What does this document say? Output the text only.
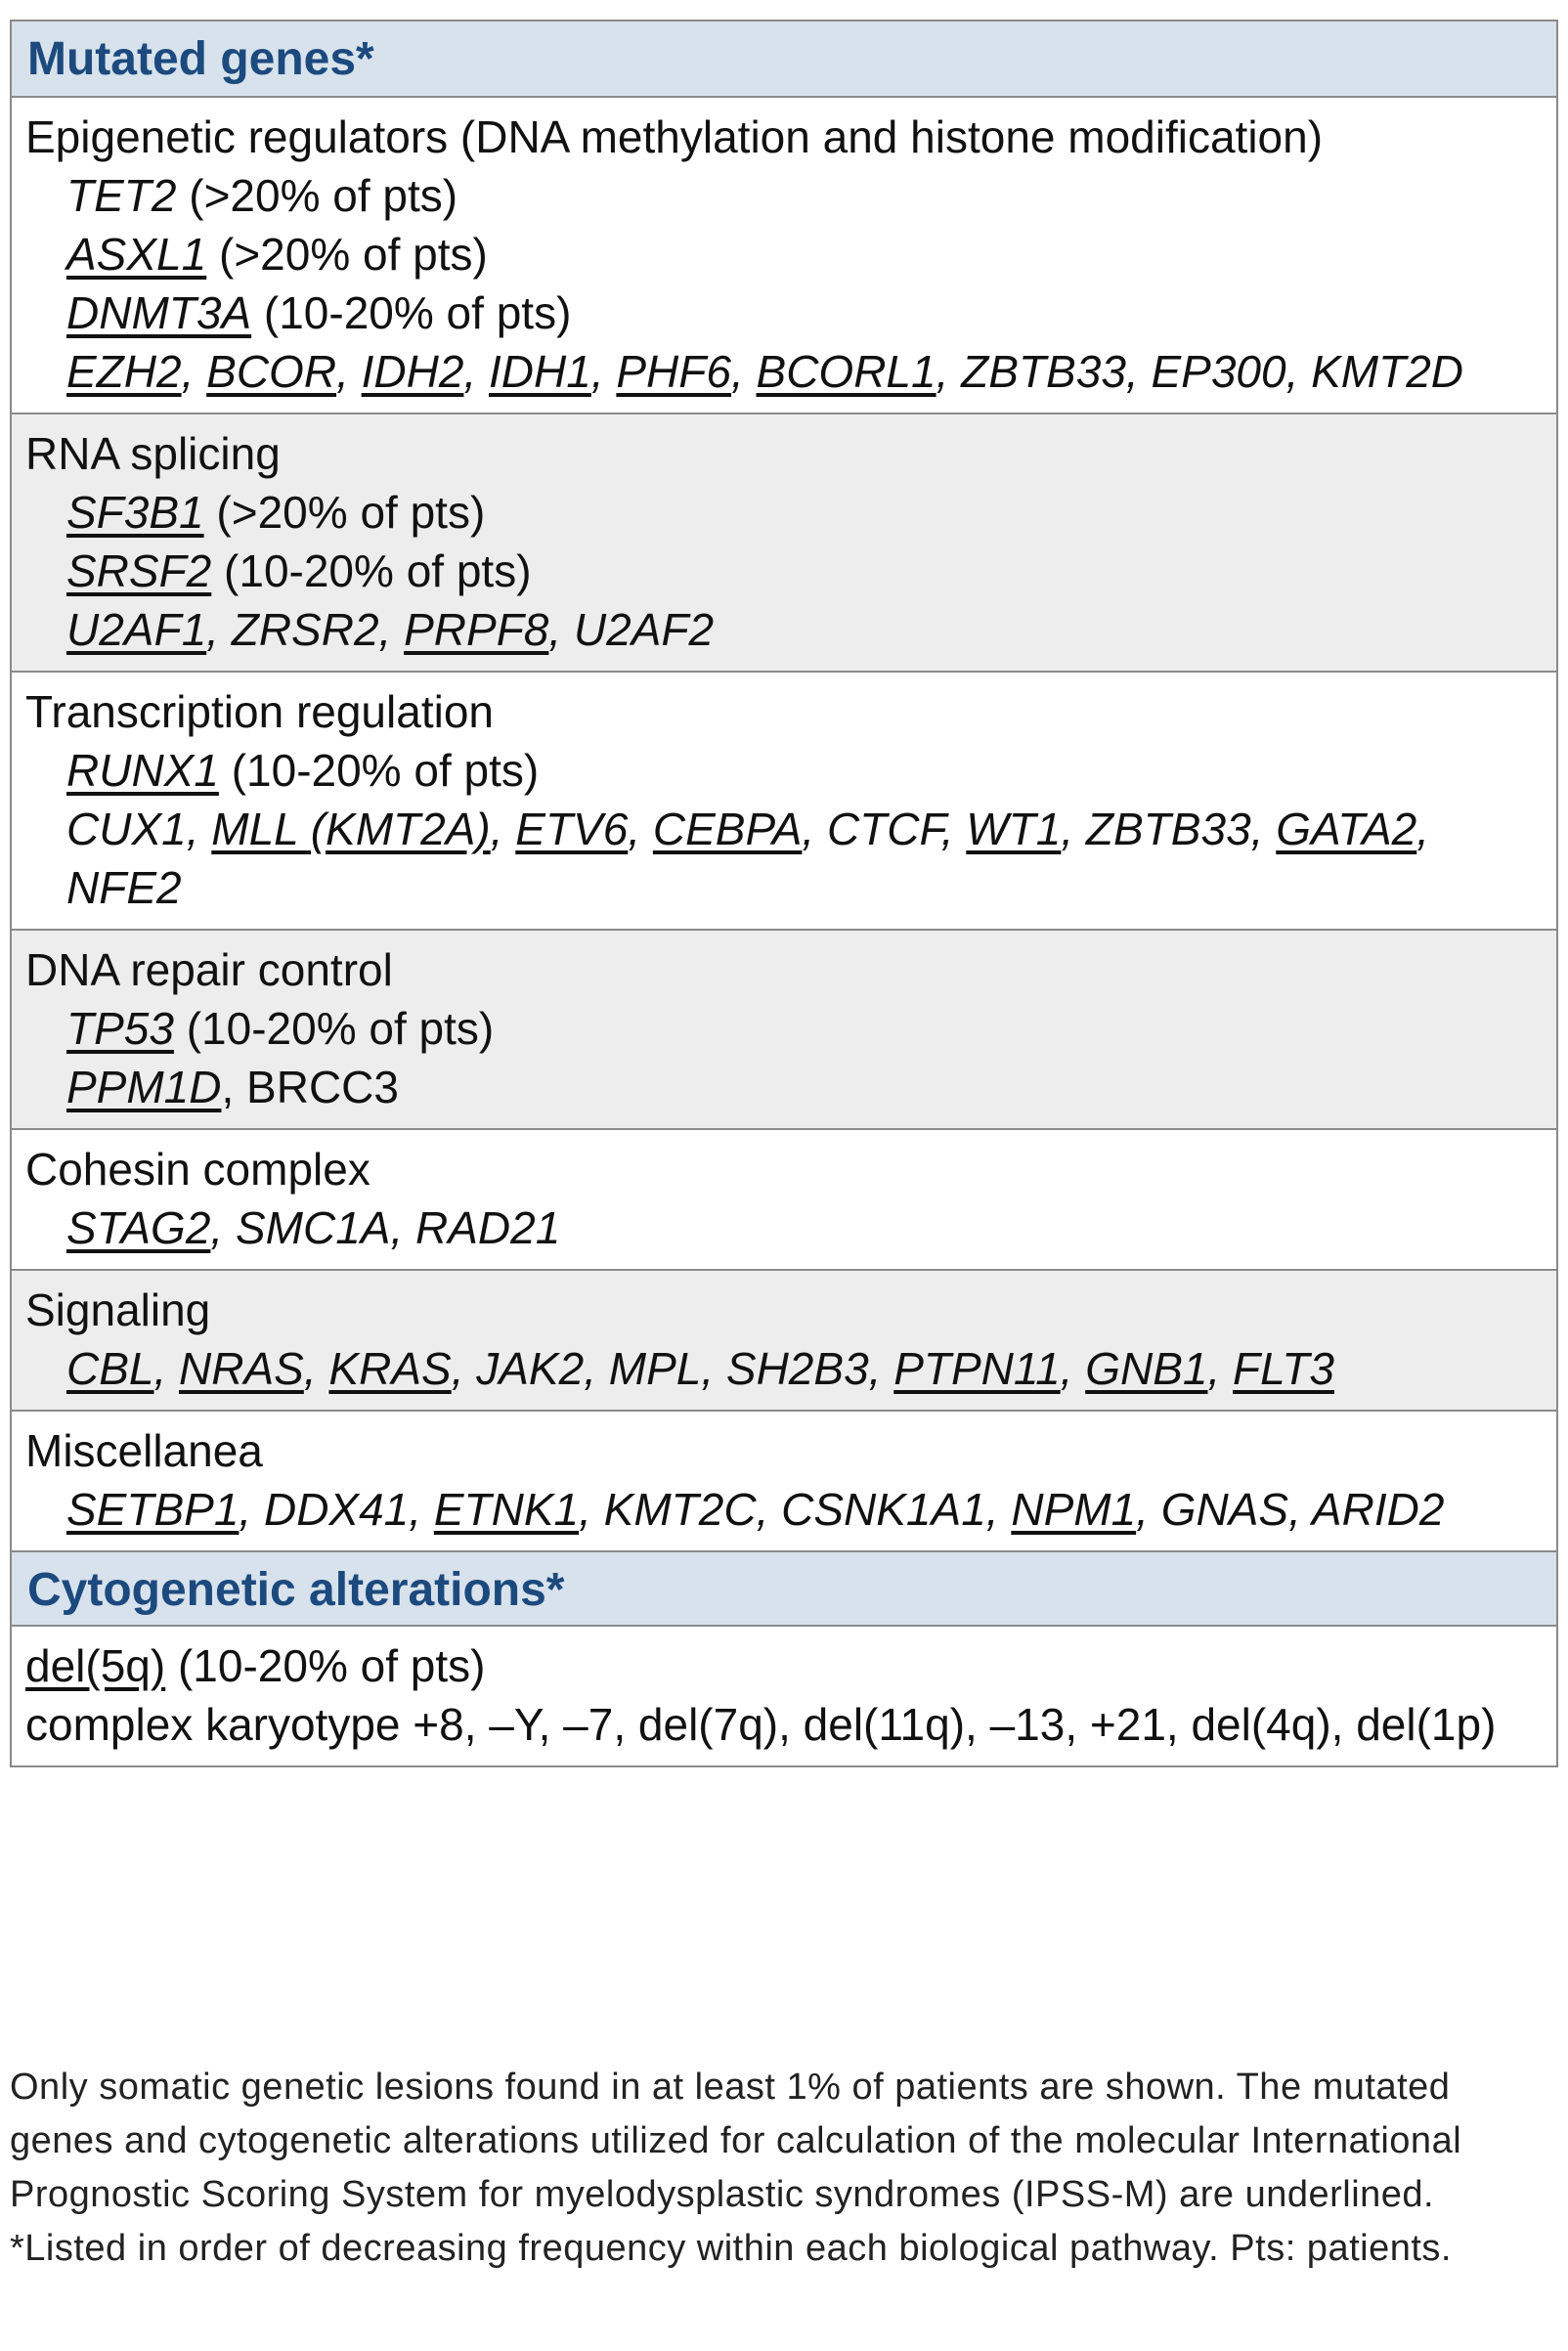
Mutated genes*
Epigenetic regulators (DNA methylation and histone modification)
TET2 (>20% of pts)
ASXL1 (>20% of pts)
DNMT3A (10-20% of pts)
EZH2, BCOR, IDH2, IDH1, PHF6, BCORL1, ZBTB33, EP300, KMT2D
RNA splicing
SF3B1 (>20% of pts)
SRSF2 (10-20% of pts)
U2AF1, ZRSR2, PRPF8, U2AF2
Transcription regulation
RUNX1 (10-20% of pts)
CUX1, MLL (KMT2A), ETV6, CEBPA, CTCF, WT1, ZBTB33, GATA2, NFE2
DNA repair control
TP53 (10-20% of pts)
PPM1D, BRCC3
Cohesin complex
STAG2, SMC1A, RAD21
Signaling
CBL, NRAS, KRAS, JAK2, MPL, SH2B3, PTPN11, GNB1, FLT3
Miscellanea
SETBP1, DDX41, ETNK1, KMT2C, CSNK1A1, NPM1, GNAS, ARID2
Cytogenetic alterations*
del(5q) (10-20% of pts)
complex karyotype +8, –Y, –7, del(7q), del(11q), –13, +21, del(4q), del(1p)
Only somatic genetic lesions found in at least 1% of patients are shown. The mutated genes and cytogenetic alterations utilized for calculation of the molecular International Prognostic Scoring System for myelodysplastic syndromes (IPSS-M) are underlined. *Listed in order of decreasing frequency within each biological pathway. Pts: patients.
